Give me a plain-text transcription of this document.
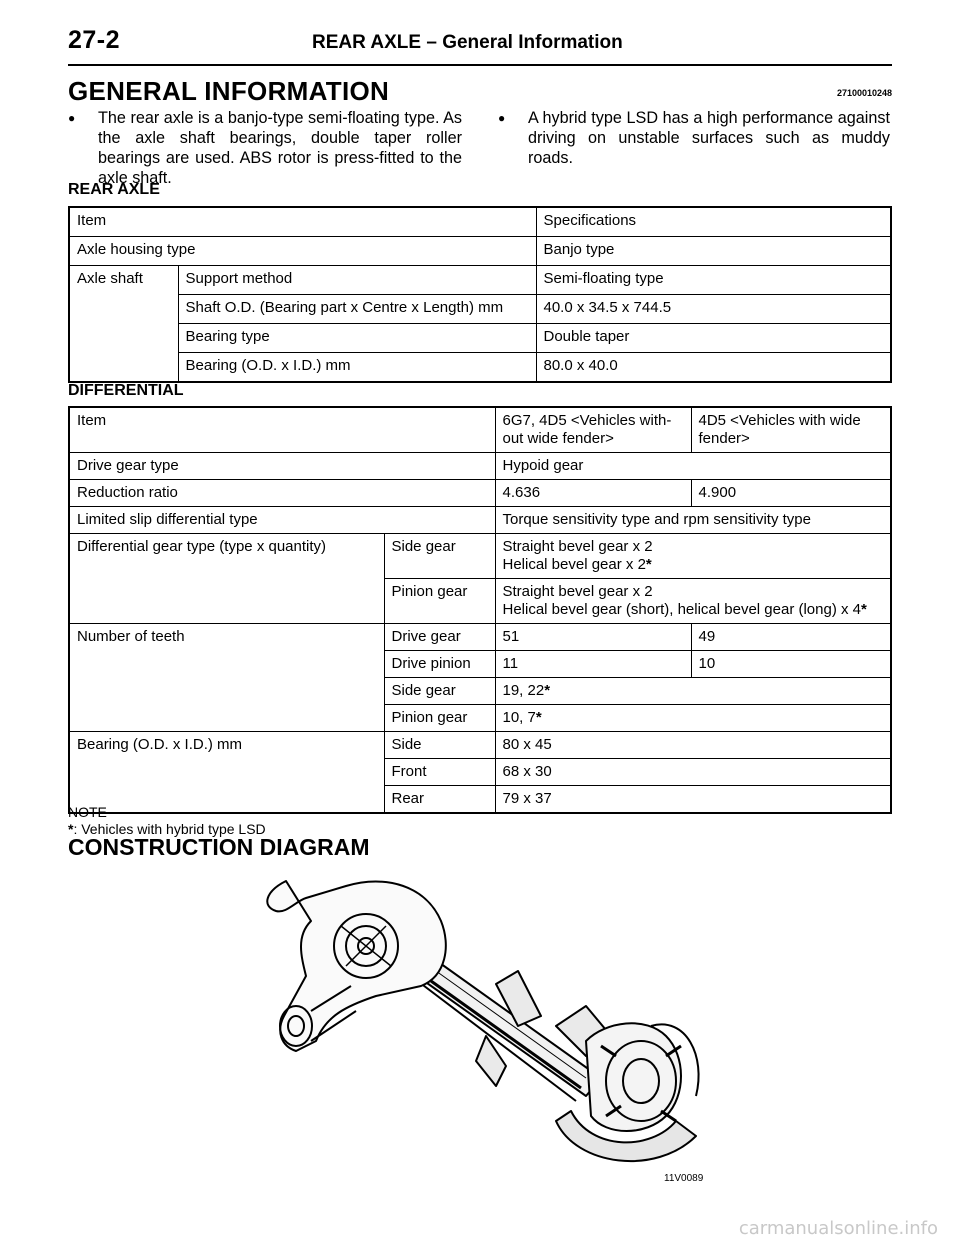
27-2	REAR AXLE – General Information
GENERAL INFORMATION	27100010248
● The rear axle is a banjo-type semi-floating type. As the axle shaft bearings, double taper roller bearings are used. ABS rotor is press-fitted to the axle shaft.
● A hybrid type LSD has a high performance against driving on unstable surfaces such as muddy roads.
REAR AXLE
Item		Specifications
Axle housing type		Banjo type
Axle shaft	Support method	Semi-floating type
	Shaft O.D. (Bearing part x Centre x Length) mm	40.0 x 34.5 x 744.5
	Bearing type	Double taper
	Bearing (O.D. x I.D.) mm	80.0 x 40.0
DIFFERENTIAL
Item		6G7, 4D5 <Vehicles with-out wide fender>	4D5 <Vehicles with wide fender>
Drive gear type		Hypoid gear	
Reduction ratio		4.636	4.900
Limited slip differential type		Torque sensitivity type and rpm sensitivity type	
Differential gear type (type x quantity)	Side gear	Straight bevel gear x 2
Helical bevel gear x 2*	

	Pinion gear	Straight bevel gear x 2
Helical bevel gear (short), helical bevel gear (long) x 4*	

Number of teeth	Drive gear	51	49
	Drive pinion	11	10
	Side gear	19, 22*	
	Pinion gear	10, 7*	
Bearing (O.D. x I.D.) mm	Side	80 x 45	
	Front	68 x 30	
	Rear	79 x 37	
NOTE
*: Vehicles with hybrid type LSD
CONSTRUCTION DIAGRAM
11V0089
carmanualsonline.info
